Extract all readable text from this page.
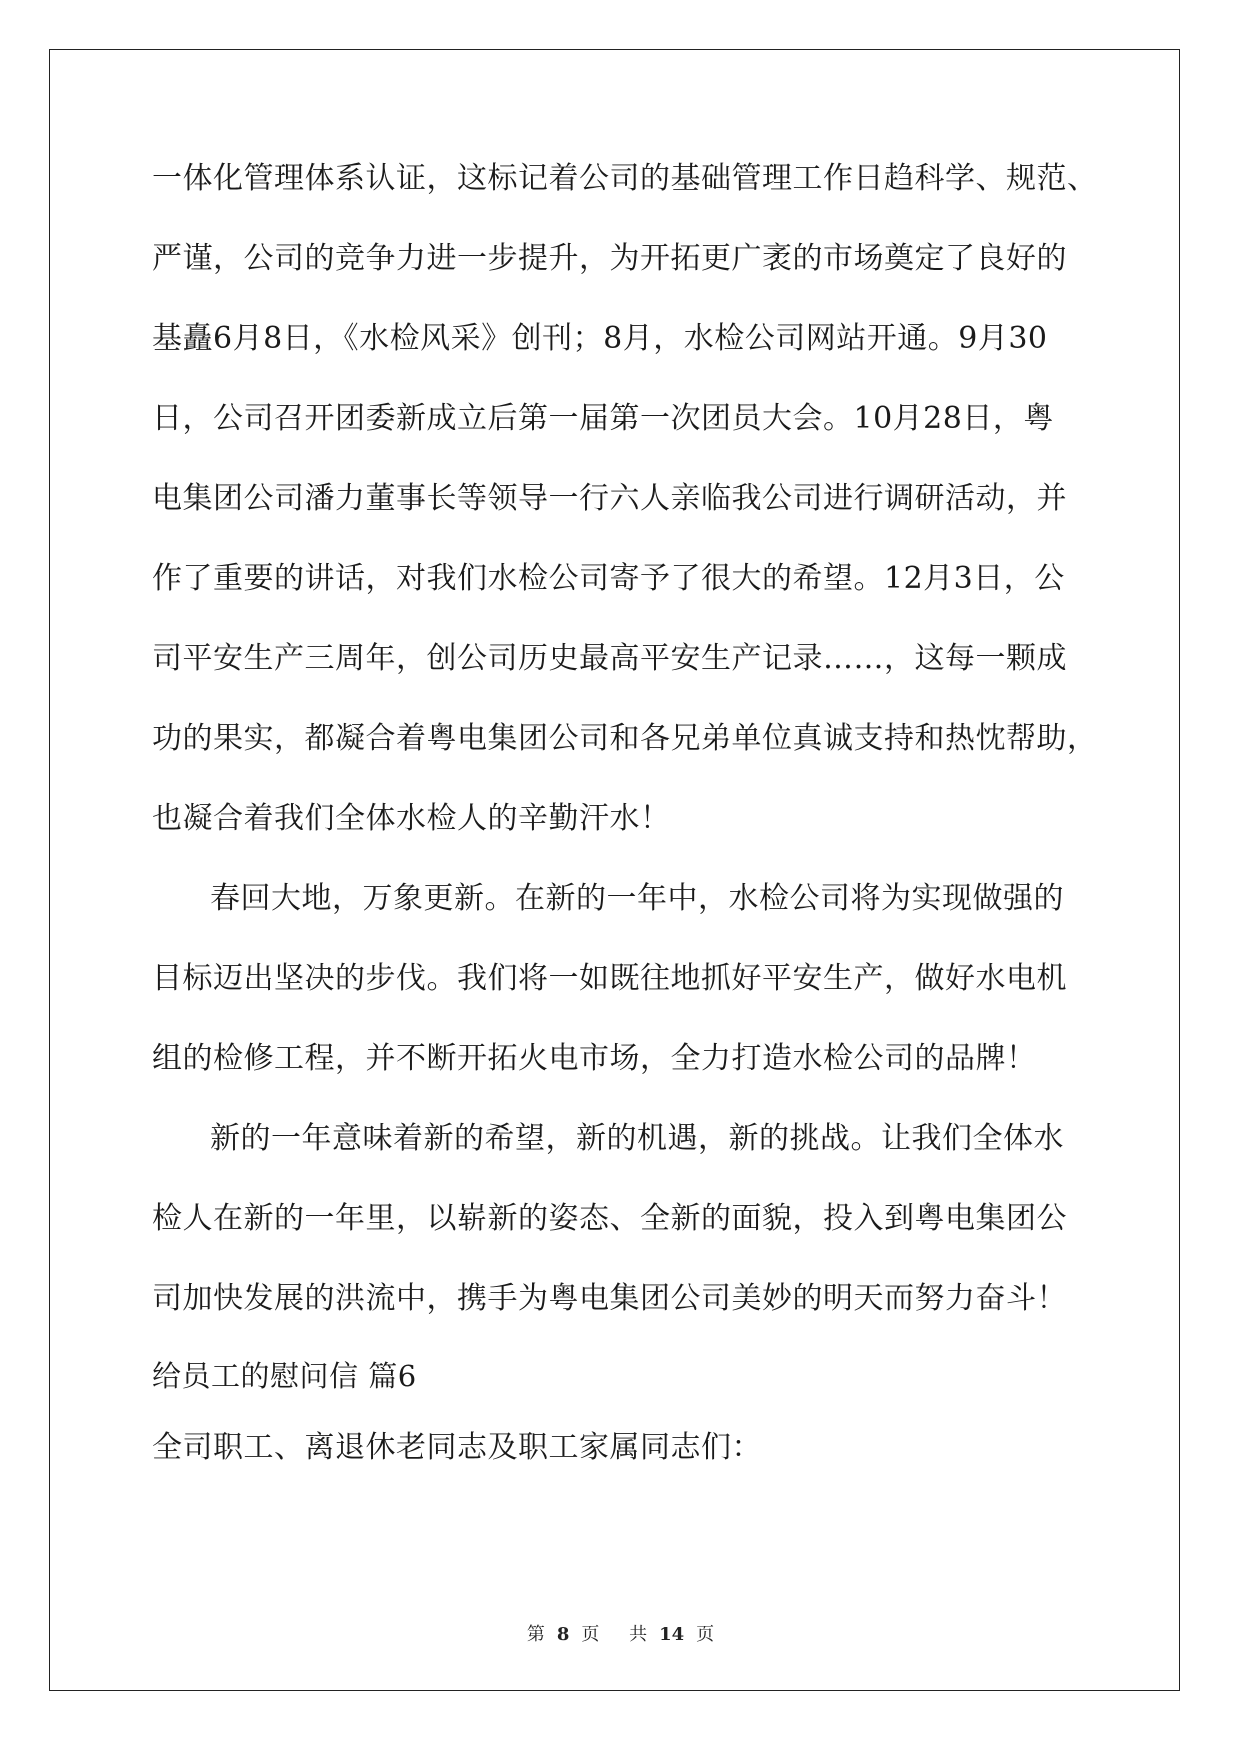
一体化管理体系认证，这标记着公司的基础管理工作日趋科学、规范、
严谨，公司的竞争力进一步提升，为开拓更广袤的市场奠定了良好的
基矗6月8日，《水检风采》创刊；8月，水检公司网站开通。9月30
日，公司召开团委新成立后第一届第一次团员大会。10月28日，粤
电集团公司潘力董事长等领导一行六人亲临我公司进行调研活动，并
作了重要的讲话，对我们水检公司寄予了很大的希望。12月3日，公
司平安生产三周年，创公司历史最高平安生产记录……，这每一颗成
功的果实，都凝合着粤电集团公司和各兄弟单位真诚支持和热忱帮助，
也凝合着我们全体水检人的辛勤汗水！
春回大地，万象更新。在新的一年中，水检公司将为实现做强的
目标迈出坚决的步伐。我们将一如既往地抓好平安生产，做好水电机
组的检修工程，并不断开拓火电市场，全力打造水检公司的品牌！
新的一年意味着新的希望，新的机遇，新的挑战。让我们全体水
检人在新的一年里，以崭新的姿态、全新的面貌，投入到粤电集团公
司加快发展的洪流中，携手为粤电集团公司美妙的明天而努力奋斗！
给员工的慰问信 篇6
全司职工、离退休老同志及职工家属同志们：
第 8 页 共 14 页
